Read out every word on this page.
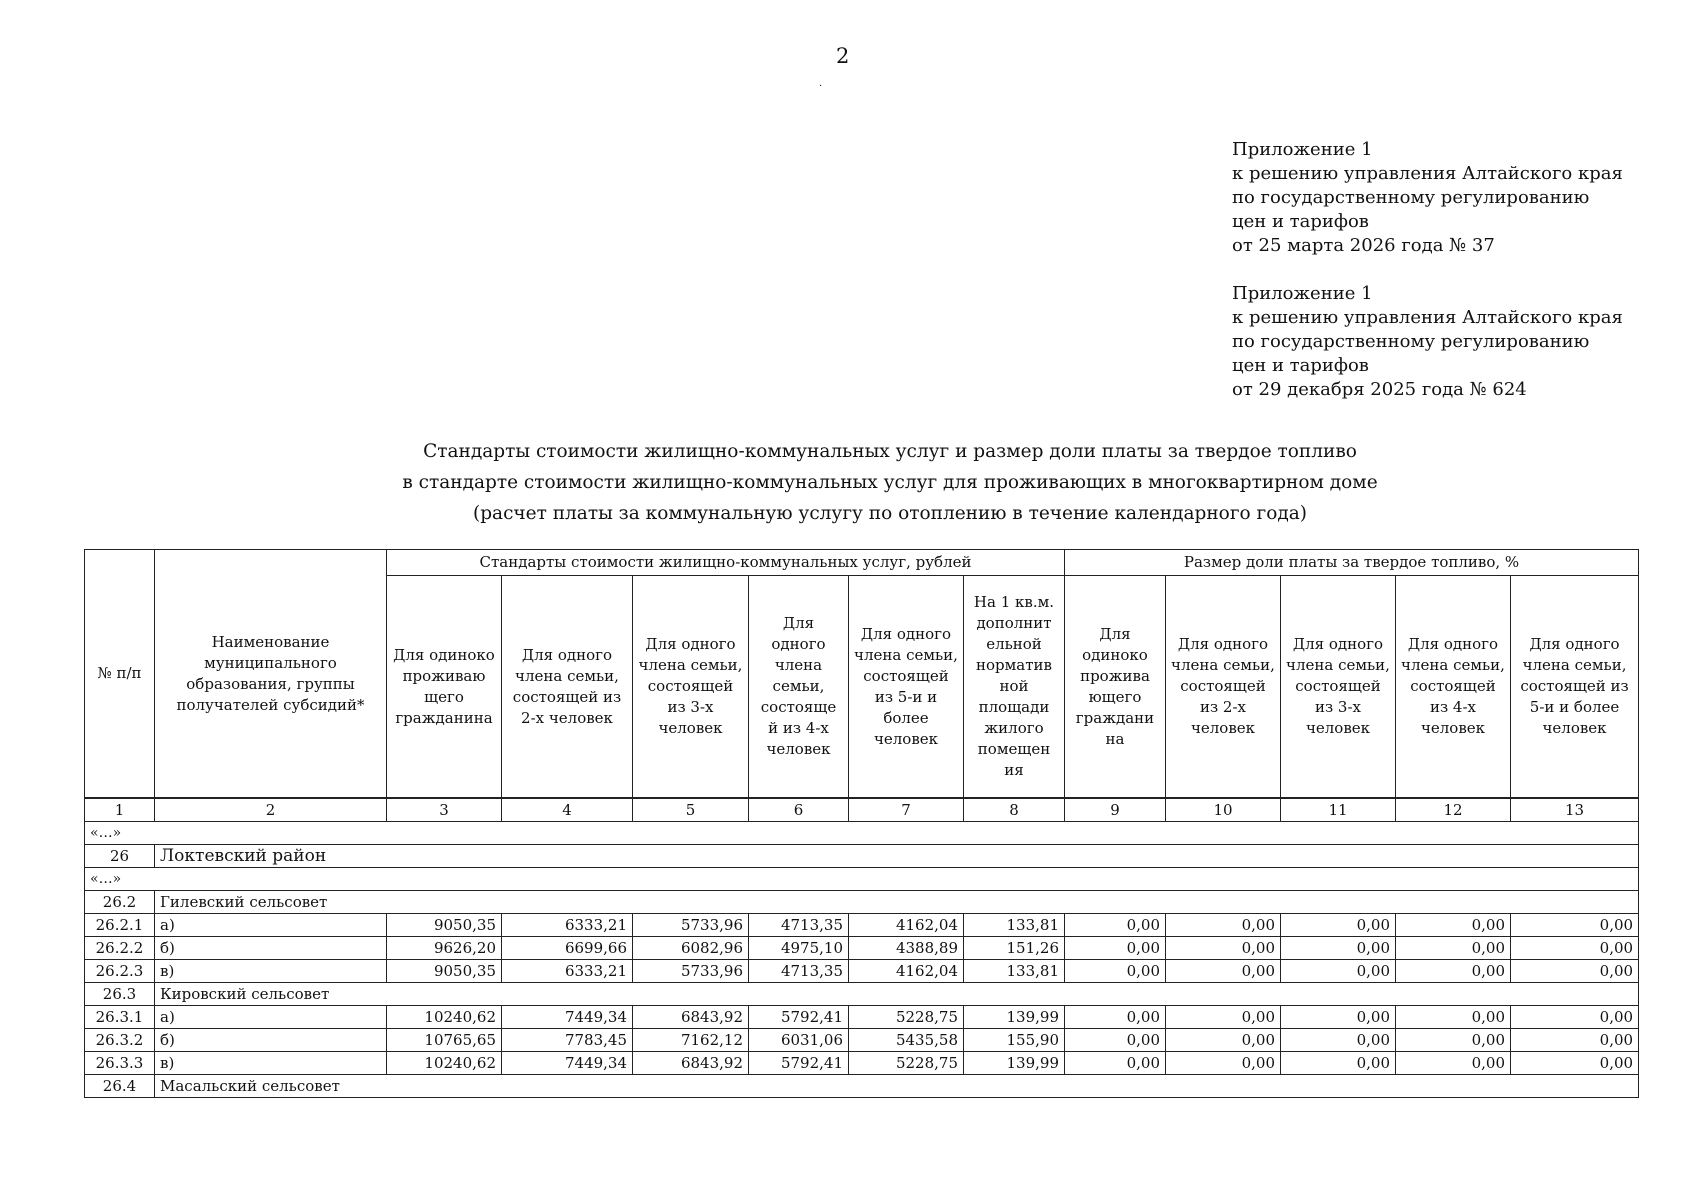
2
.
Приложение 1
к решению управления Алтайского края
по государственному регулированию
цен и тарифов
от 25 марта 2026 года № 37
Приложение 1
к решению управления Алтайского края
по государственному регулированию
цен и тарифов
от 29 декабря 2025 года № 624
Стандарты стоимости жилищно-коммунальных услуг и размер доли платы за твердое топливо
в стандарте стоимости жилищно-коммунальных услуг для проживающих в многоквартирном доме
(расчет платы за коммунальную услугу по отоплению в течение календарного года)
№ п/п	Наименование муниципального образования, группы получателей субсидий*	Стандарты стоимости жилищно-коммунальных услуг, рублей						Размер доли платы за твердое топливо, %				
		Для одиноко проживаю щего гражданина	Для одного члена семьи, состоящей из 2-х человек	Для одного члена семьи, состоящей из 3-х человек	Для одного члена семьи, состояще й из 4-х человек	Для одного члена семьи, состоящей из 5-и и более человек	На 1 кв.м. дополнит ельной норматив ной площади жилого помещен ия	Для одиноко прожива ющего граждани на	Для одного члена семьи, состоящей из 2-х человек	Для одного члена семьи, состоящей из 3-х человек	Для одного члена семьи, состоящей из 4-х человек	Для одного члена семьи, состоящей из 5-и и более человек
1	2	3	4	5	6	7	8	9	10	11	12	13
«…»												
26	Локтевский район											
«…»												
26.2	Гилевский сельсовет											
26.2.1	а)	9050,35	6333,21	5733,96	4713,35	4162,04	133,81	0,00	0,00	0,00	0,00	0,00
26.2.2	б)	9626,20	6699,66	6082,96	4975,10	4388,89	151,26	0,00	0,00	0,00	0,00	0,00
26.2.3	в)	9050,35	6333,21	5733,96	4713,35	4162,04	133,81	0,00	0,00	0,00	0,00	0,00
26.3	Кировский сельсовет											
26.3.1	а)	10240,62	7449,34	6843,92	5792,41	5228,75	139,99	0,00	0,00	0,00	0,00	0,00
26.3.2	б)	10765,65	7783,45	7162,12	6031,06	5435,58	155,90	0,00	0,00	0,00	0,00	0,00
26.3.3	в)	10240,62	7449,34	6843,92	5792,41	5228,75	139,99	0,00	0,00	0,00	0,00	0,00
26.4	Масальский сельсовет											
